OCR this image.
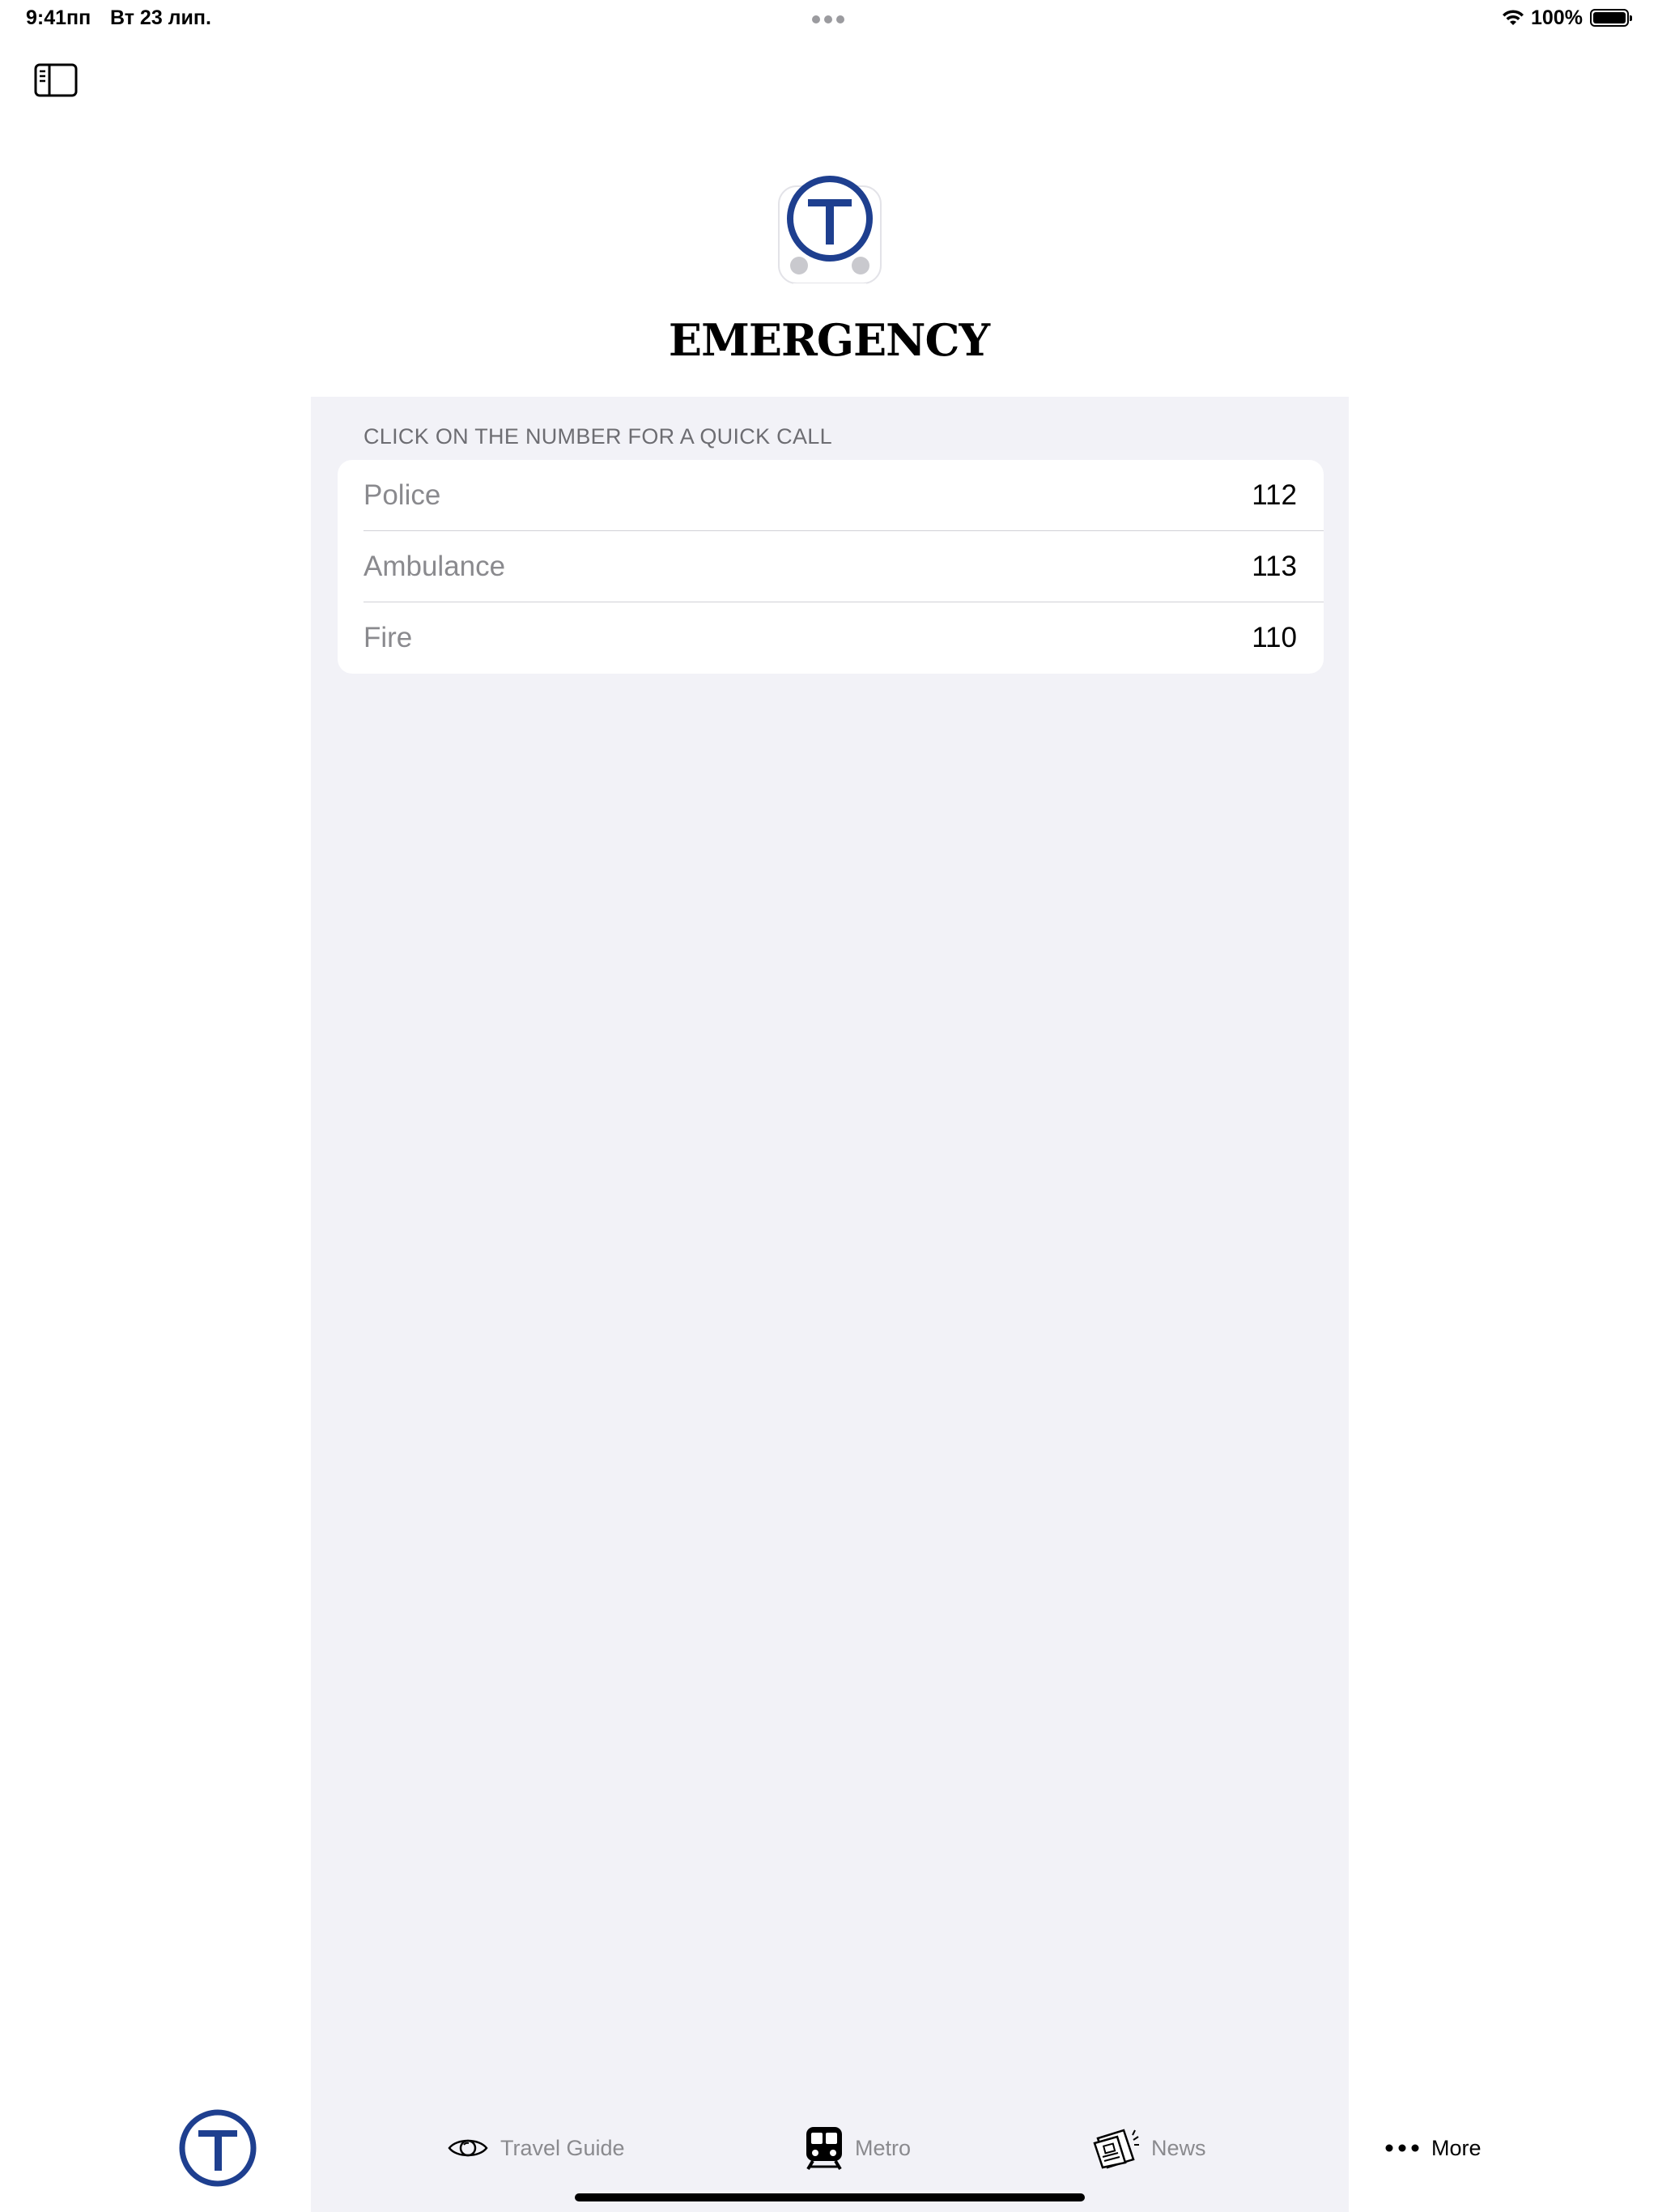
9:41пп Вт 23 лип.	100%
EMERGENCY
CLICK ON THE NUMBER FOR A QUICK CALL
Police	112
Ambulance	113
Fire	110
Travel Guide	Metro	News	More
